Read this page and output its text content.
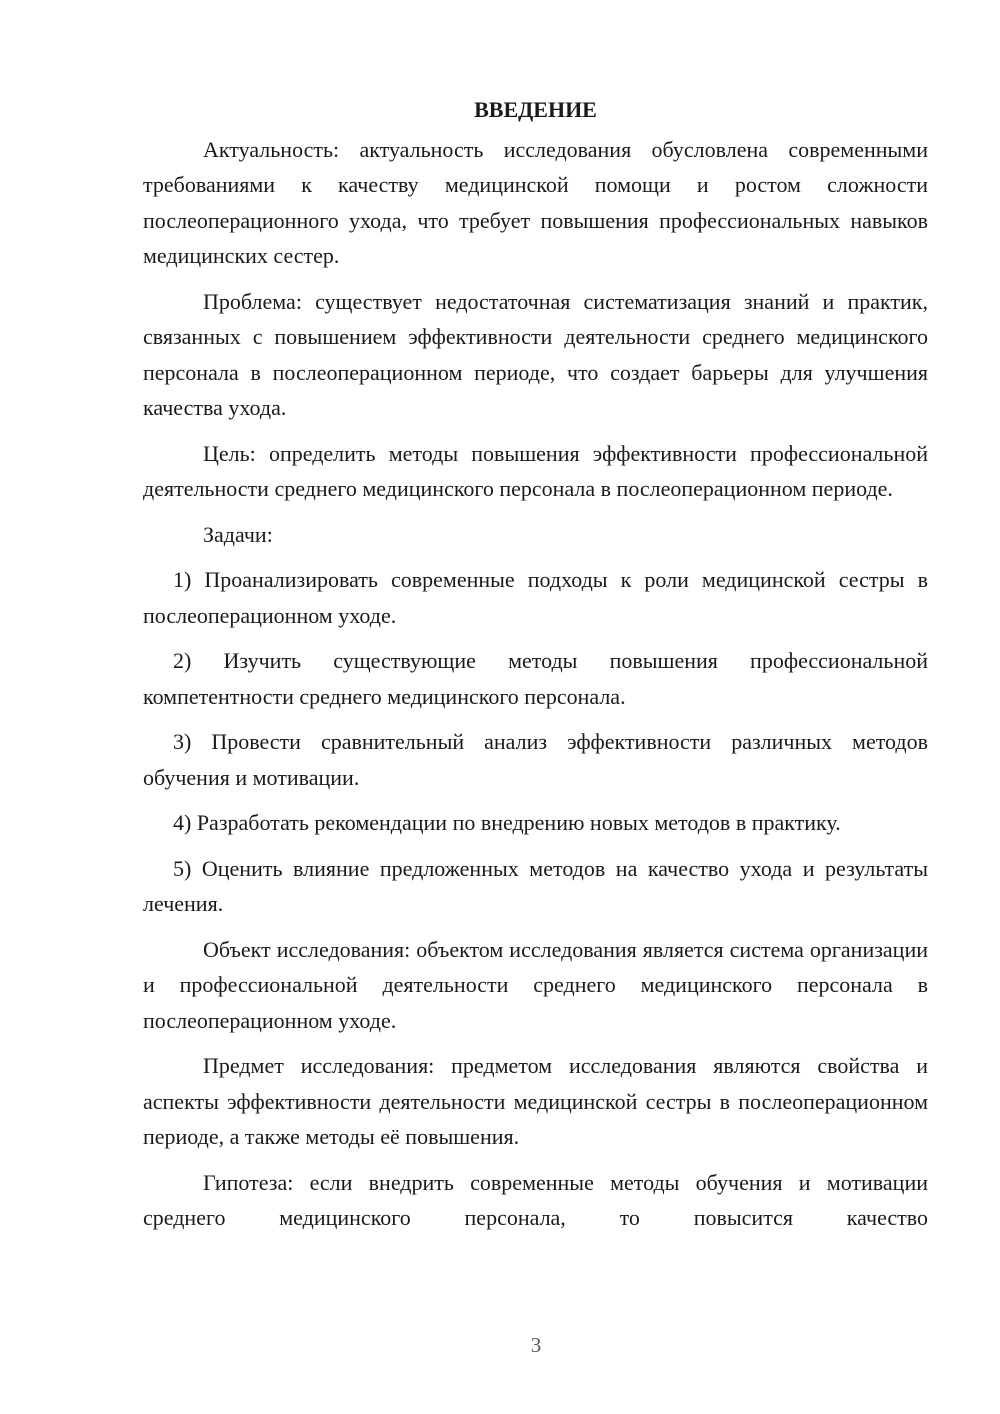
ВВЕДЕНИЕ

Актуальность: актуальность исследования обусловлена современными требованиями к качеству медицинской помощи и ростом сложности послеоперационного ухода, что требует повышения профессиональных навыков медицинских сестер.

Проблема: существует недостаточная систематизация знаний и практик, связанных с повышением эффективности деятельности среднего медицинского персонала в послеоперационном периоде, что создает барьеры для улучшения качества ухода.

Цель: определить методы повышения эффективности профессиональной деятельности среднего медицинского персонала в послеоперационном периоде.

Задачи:

1) Проанализировать современные подходы к роли медицинской сестры в послеоперационном уходе.

2) Изучить существующие методы повышения профессиональной компетентности среднего медицинского персонала.

3) Провести сравнительный анализ эффективности различных методов обучения и мотивации.

4) Разработать рекомендации по внедрению новых методов в практику.

5) Оценить влияние предложенных методов на качество ухода и результаты лечения.

Объект исследования: объектом исследования является система организации и профессиональной деятельности среднего медицинского персонала в послеоперационном уходе.

Предмет исследования: предметом исследования являются свойства и аспекты эффективности деятельности медицинской сестры в послеоперационном периоде, а также методы её повышения.

Гипотеза: если внедрить современные методы обучения и мотивации среднего медицинского персонала, то повысится качество

3
